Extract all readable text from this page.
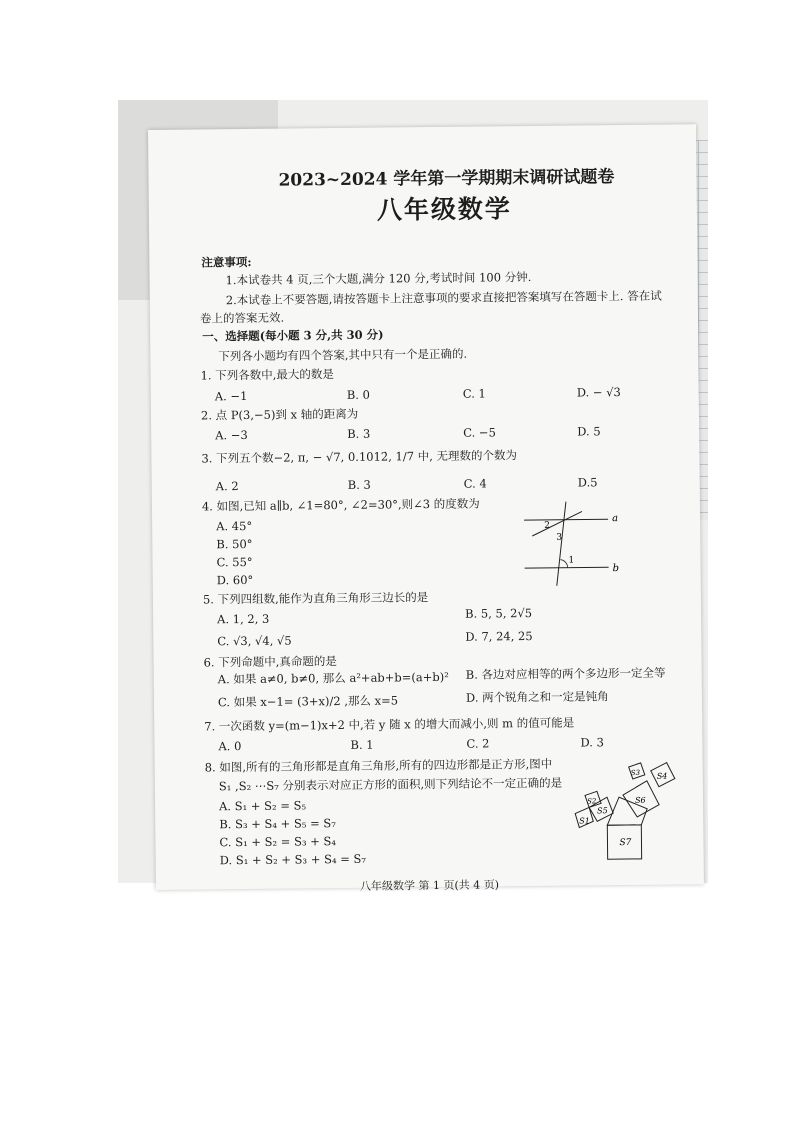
2023~2024 学年第一学期期末调研试题卷
八年级数学
注意事项:
1.本试卷共 4 页,三个大题,满分 120 分,考试时间 100 分钟.
2.本试卷上不要答题,请按答题卡上注意事项的要求直接把答案填写在答题卡上. 答在试
卷上的答案无效.
一、选择题(每小题 3 分,共 30 分)
下列各小题均有四个答案,其中只有一个是正确的.
1. 下列各数中,最大的数是
A. −1	B. 0	C. 1	D. − √3
2. 点 P(3,−5)到 x 轴的距离为
A. −3	B. 3	C. −5	D. 5
3. 下列五个数−2, π, − √7, 0.1012̇, 1/7 中, 无理数的个数为
A. 2	B. 3	C. 4	D.5
4. 如图,已知 a∥b, ∠1=80°, ∠2=30°,则∠3 的度数为
A. 45°
B. 50°
C. 55°
D. 60°
a
b
1
2
3
5. 下列四组数,能作为直角三角形三边长的是
A. 1, 2, 3	B. 5, 5, 2√5
C. √3, √4, √5	D. 7, 24, 25
6. 下列命题中,真命题的是
A. 如果 a≠0, b≠0, 那么 a²+ab+b=(a+b)² B. 各边对应相等的两个多边形一定全等
C. 如果 x−1= (3+x)/2 ,那么 x=5	D. 两个锐角之和一定是钝角
7. 一次函数 y=(m−1)x+2 中,若 y 随 x 的增大而减小,则 m 的值可能是
A. 0	B. 1	C. 2	D. 3
8. 如图,所有的三角形都是直角三角形,所有的四边形都是正方形,图中
S₁ ,S₂ ⋯S₇ 分别表示对应正方形的面积,则下列结论不一定正确的是
A. S₁ + S₂ = S₅
B. S₃ + S₄ + S₅ = S₇
C. S₁ + S₂ = S₃ + S₄
D. S₁ + S₂ + S₃ + S₄ = S₇
S1
S2
S3 S4
S5
S6
S7
八年级数学 第 1 页(共 4 页)
